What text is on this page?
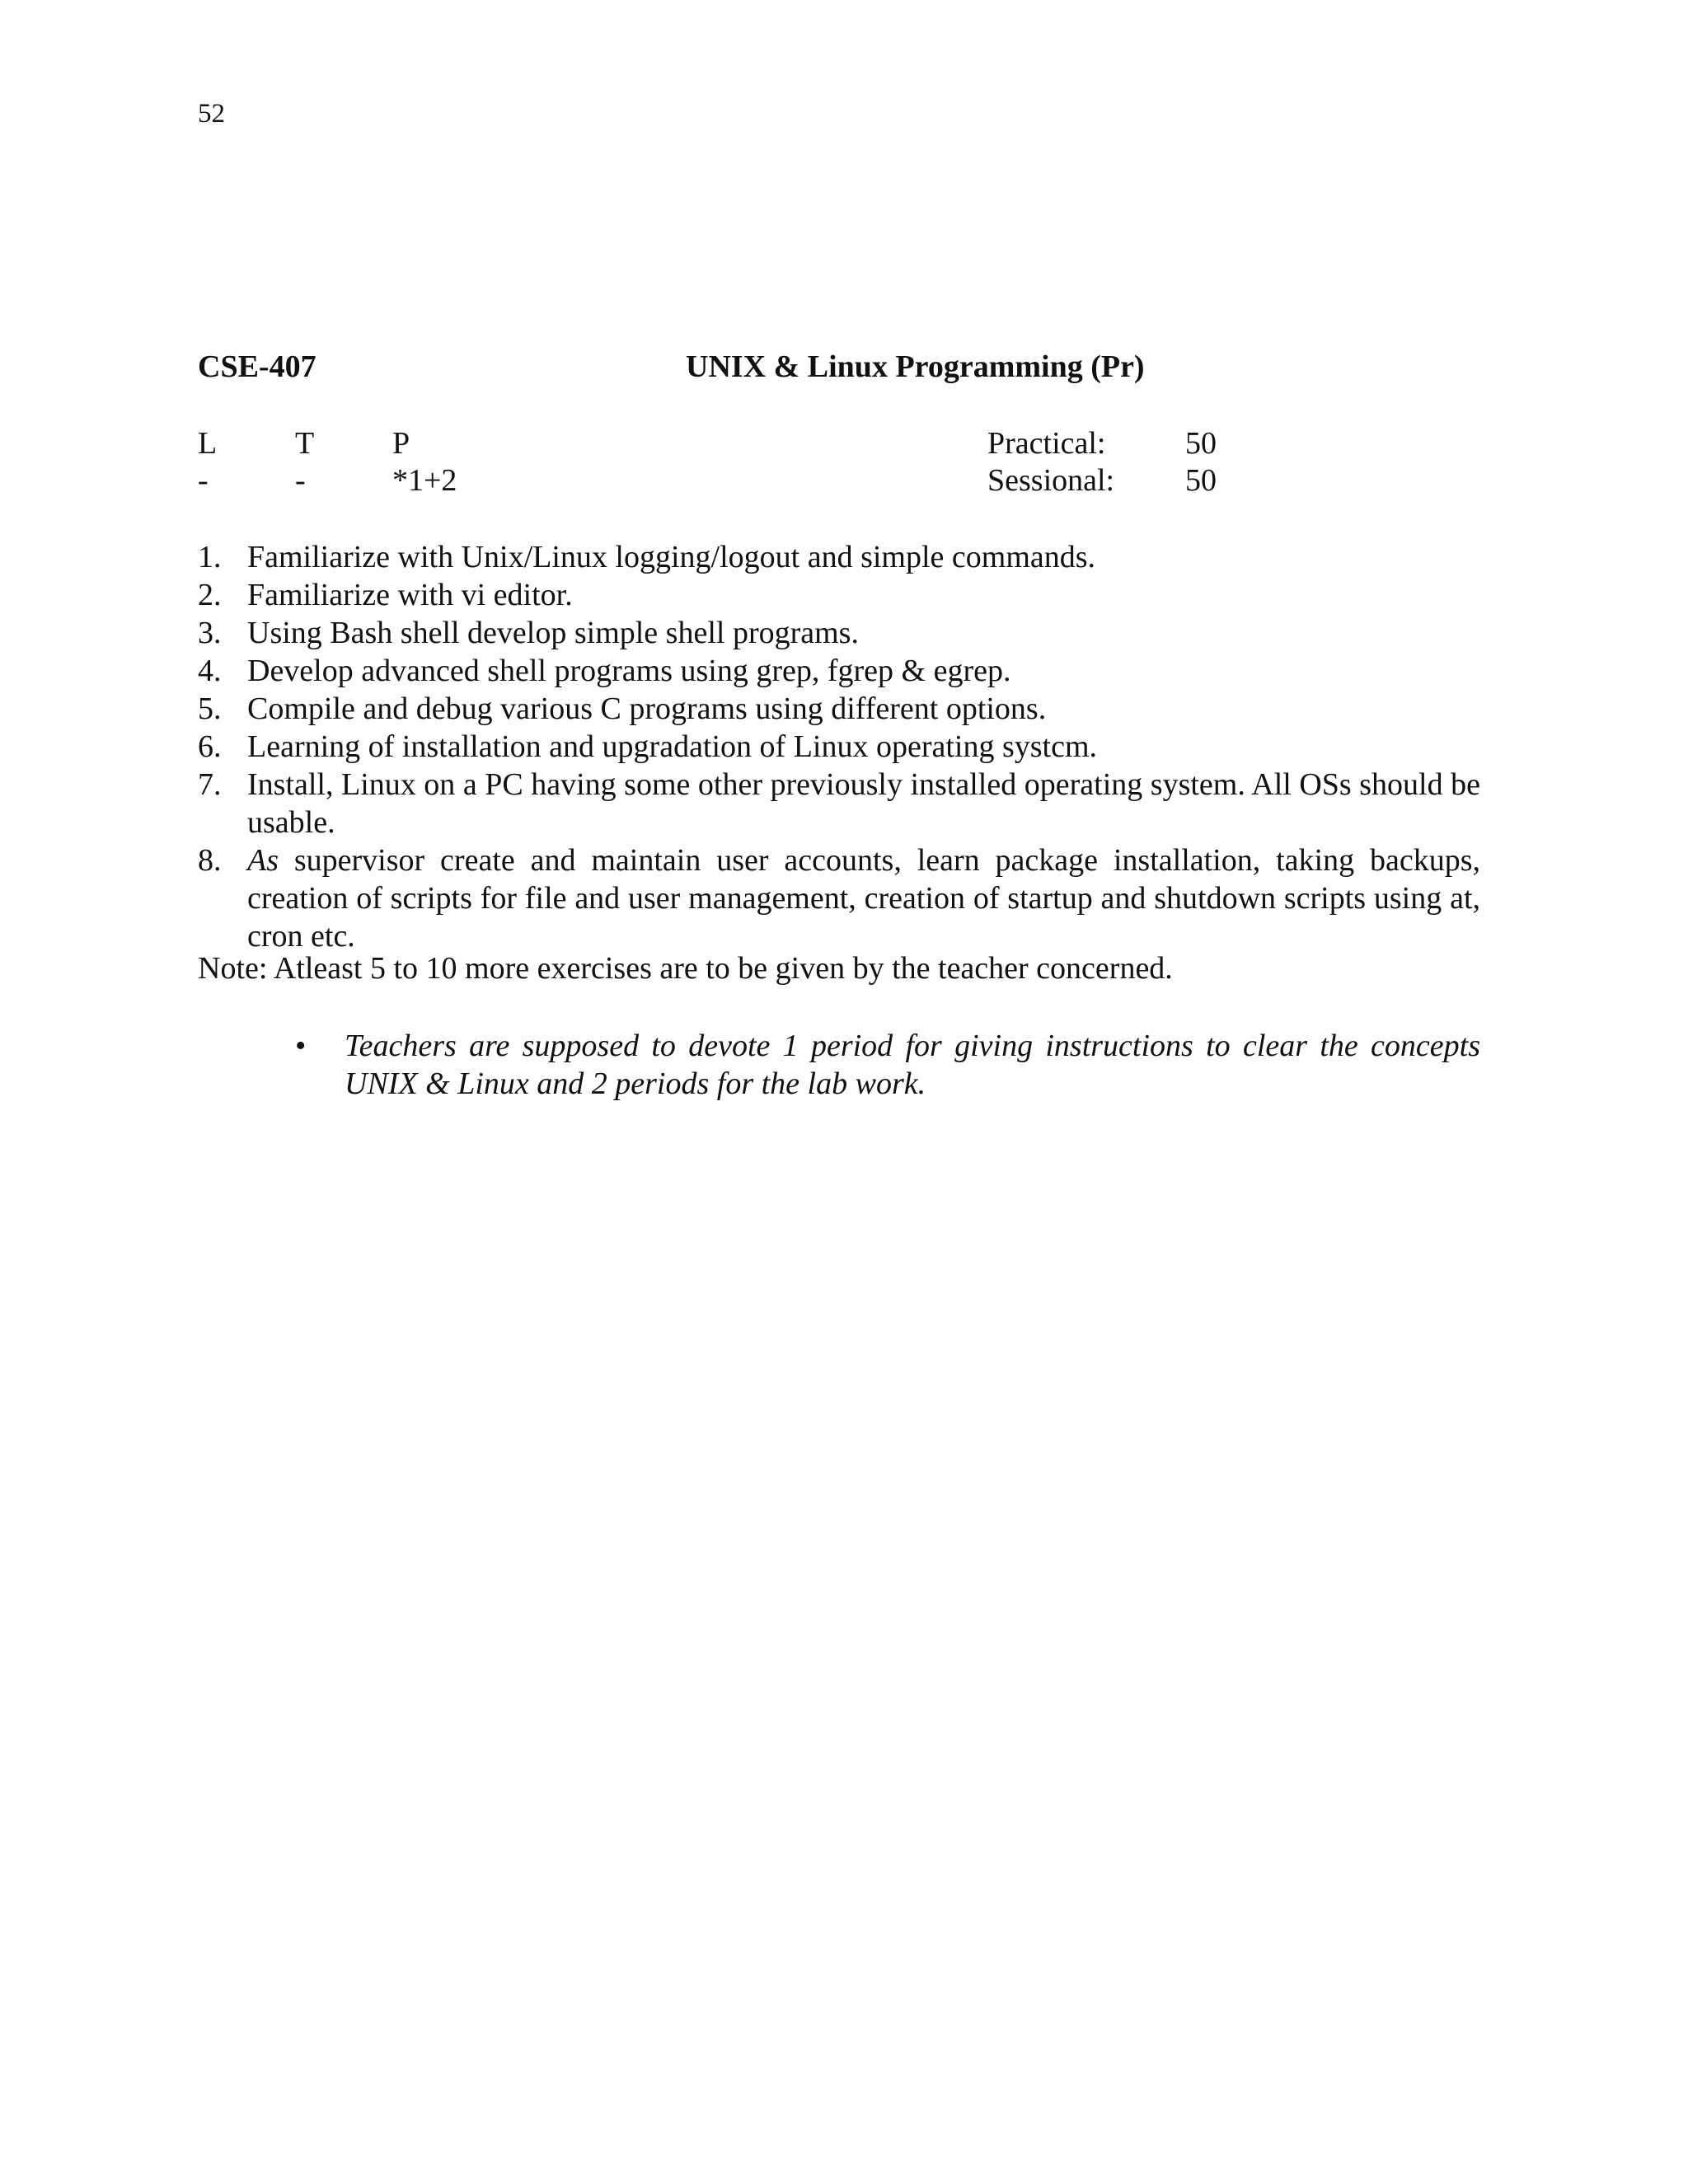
52
CSE-407	UNIX & Linux Programming (Pr)
L T P	Practical:	50
-	-	*1+2	Sessional: 50
1. Familiarize with Unix/Linux logging/logout and simple commands.
2. Familiarize with vi editor.
3. Using Bash shell develop simple shell programs.
4. Develop advanced shell programs using grep, fgrep & egrep.
5. Compile and debug various C programs using different options.
6. Learning of installation and upgradation of Linux operating systcm.
7. Install, Linux on a PC having some other previously installed operating system. All OSs should be usable.
8. As supervisor create and maintain user accounts, learn package installation, taking backups, creation of scripts for file and user management, creation of startup and shutdown scripts using at, cron etc.
Note: Atleast 5 to 10 more exercises are to be given by the teacher concerned.
•	Teachers are supposed to devote 1 period for giving instructions to clear the concepts UNIX & Linux and 2 periods for the lab work.
